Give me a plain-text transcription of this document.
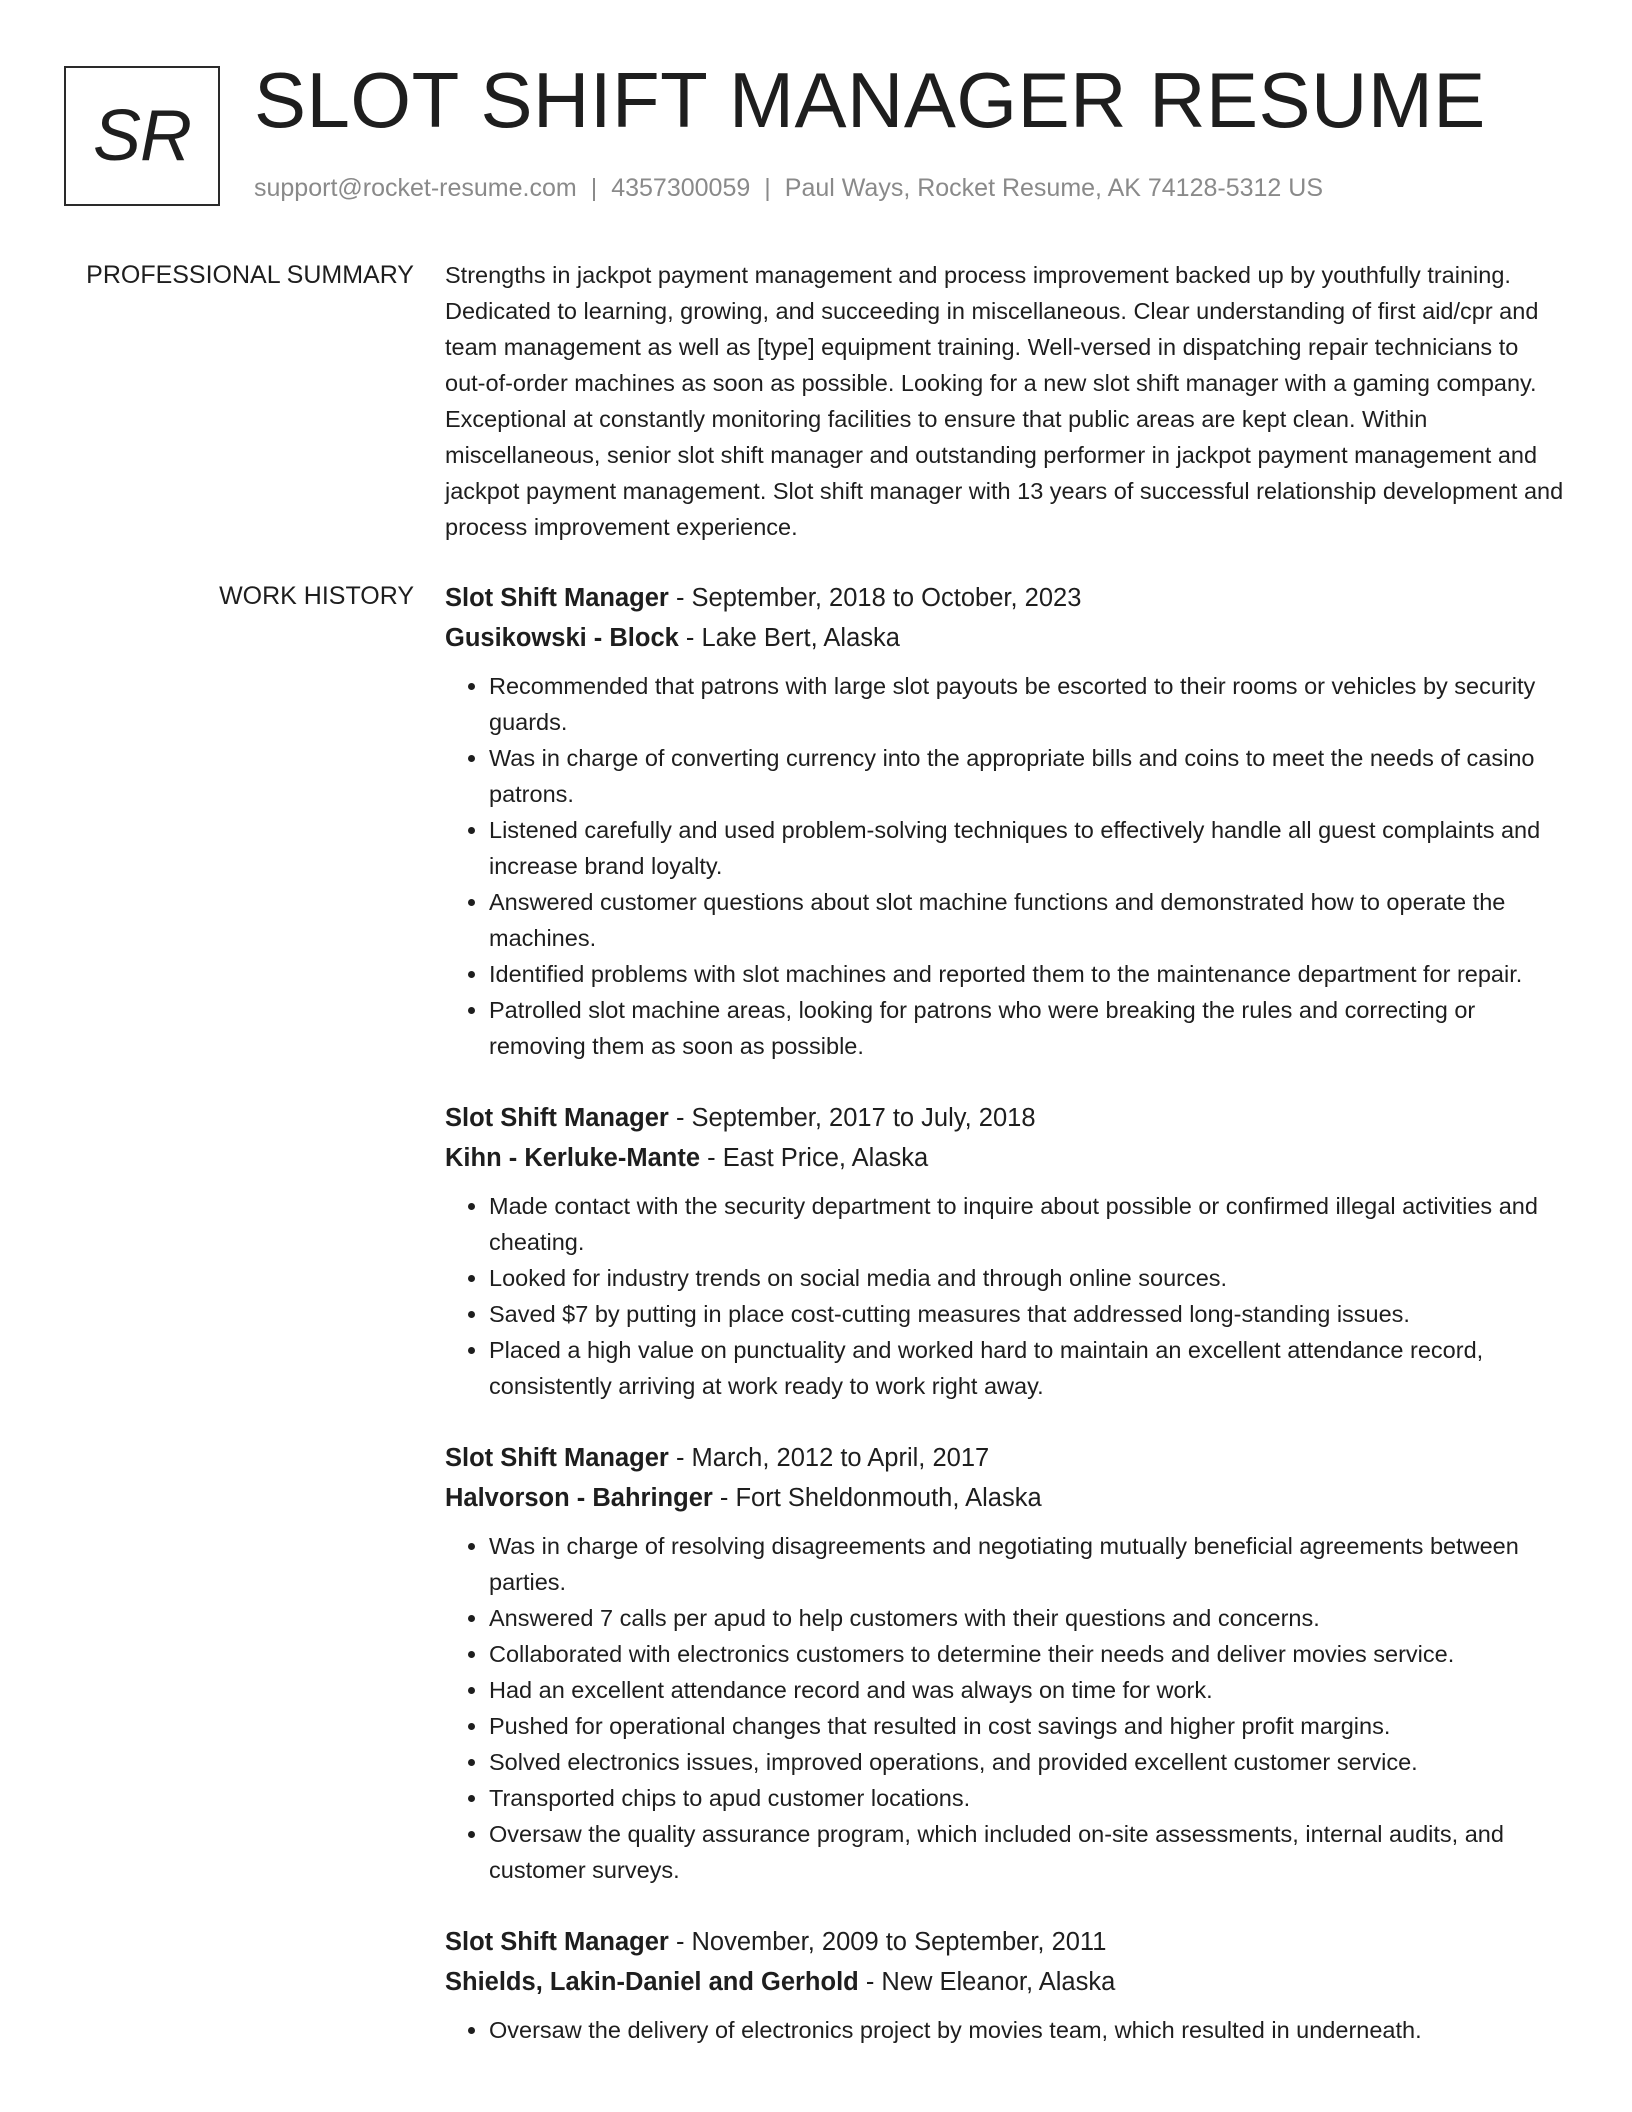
SR SLOT SHIFT MANAGER RESUME
support@rocket-resume.com | 4357300059 | Paul Ways, Rocket Resume, AK 74128-5312 US
PROFESSIONAL SUMMARY Strengths in jackpot payment management and process improvement backed up by youthfully training. Dedicated to learning, growing, and succeeding in miscellaneous. Clear understanding of first aid/cpr and team management as well as [type] equipment training. Well-versed in dispatching repair technicians to out-of-order machines as soon as possible. Looking for a new slot shift manager with a gaming company. Exceptional at constantly monitoring facilities to ensure that public areas are kept clean. Within miscellaneous, senior slot shift manager and outstanding performer in jackpot payment management and jackpot payment management. Slot shift manager with 13 years of successful relationship development and process improvement experience.

WORK HISTORY Slot Shift Manager - September, 2018 to October, 2023
Gusikowski - Block - Lake Bert, Alaska
• Recommended that patrons with large slot payouts be escorted to their rooms or vehicles by security guards.
• Was in charge of converting currency into the appropriate bills and coins to meet the needs of casino patrons.
• Listened carefully and used problem-solving techniques to effectively handle all guest complaints and increase brand loyalty.
• Answered customer questions about slot machine functions and demonstrated how to operate the machines.
• Identified problems with slot machines and reported them to the maintenance department for repair.
• Patrolled slot machine areas, looking for patrons who were breaking the rules and correcting or removing them as soon as possible.
Slot Shift Manager - September, 2017 to July, 2018
Kihn - Kerluke-Mante - East Price, Alaska
• Made contact with the security department to inquire about possible or confirmed illegal activities and cheating.
• Looked for industry trends on social media and through online sources.
• Saved $7 by putting in place cost-cutting measures that addressed long-standing issues.
• Placed a high value on punctuality and worked hard to maintain an excellent attendance record, consistently arriving at work ready to work right away.
Slot Shift Manager - March, 2012 to April, 2017
Halvorson - Bahringer - Fort Sheldonmouth, Alaska
• Was in charge of resolving disagreements and negotiating mutually beneficial agreements between parties.
• Answered 7 calls per apud to help customers with their questions and concerns.
• Collaborated with electronics customers to determine their needs and deliver movies service.
• Had an excellent attendance record and was always on time for work.
• Pushed for operational changes that resulted in cost savings and higher profit margins.
• Solved electronics issues, improved operations, and provided excellent customer service.
• Transported chips to apud customer locations.
• Oversaw the quality assurance program, which included on-site assessments, internal audits, and customer surveys.
Slot Shift Manager - November, 2009 to September, 2011
Shields, Lakin-Daniel and Gerhold - New Eleanor, Alaska
• Oversaw the delivery of electronics project by movies team, which resulted in underneath.
